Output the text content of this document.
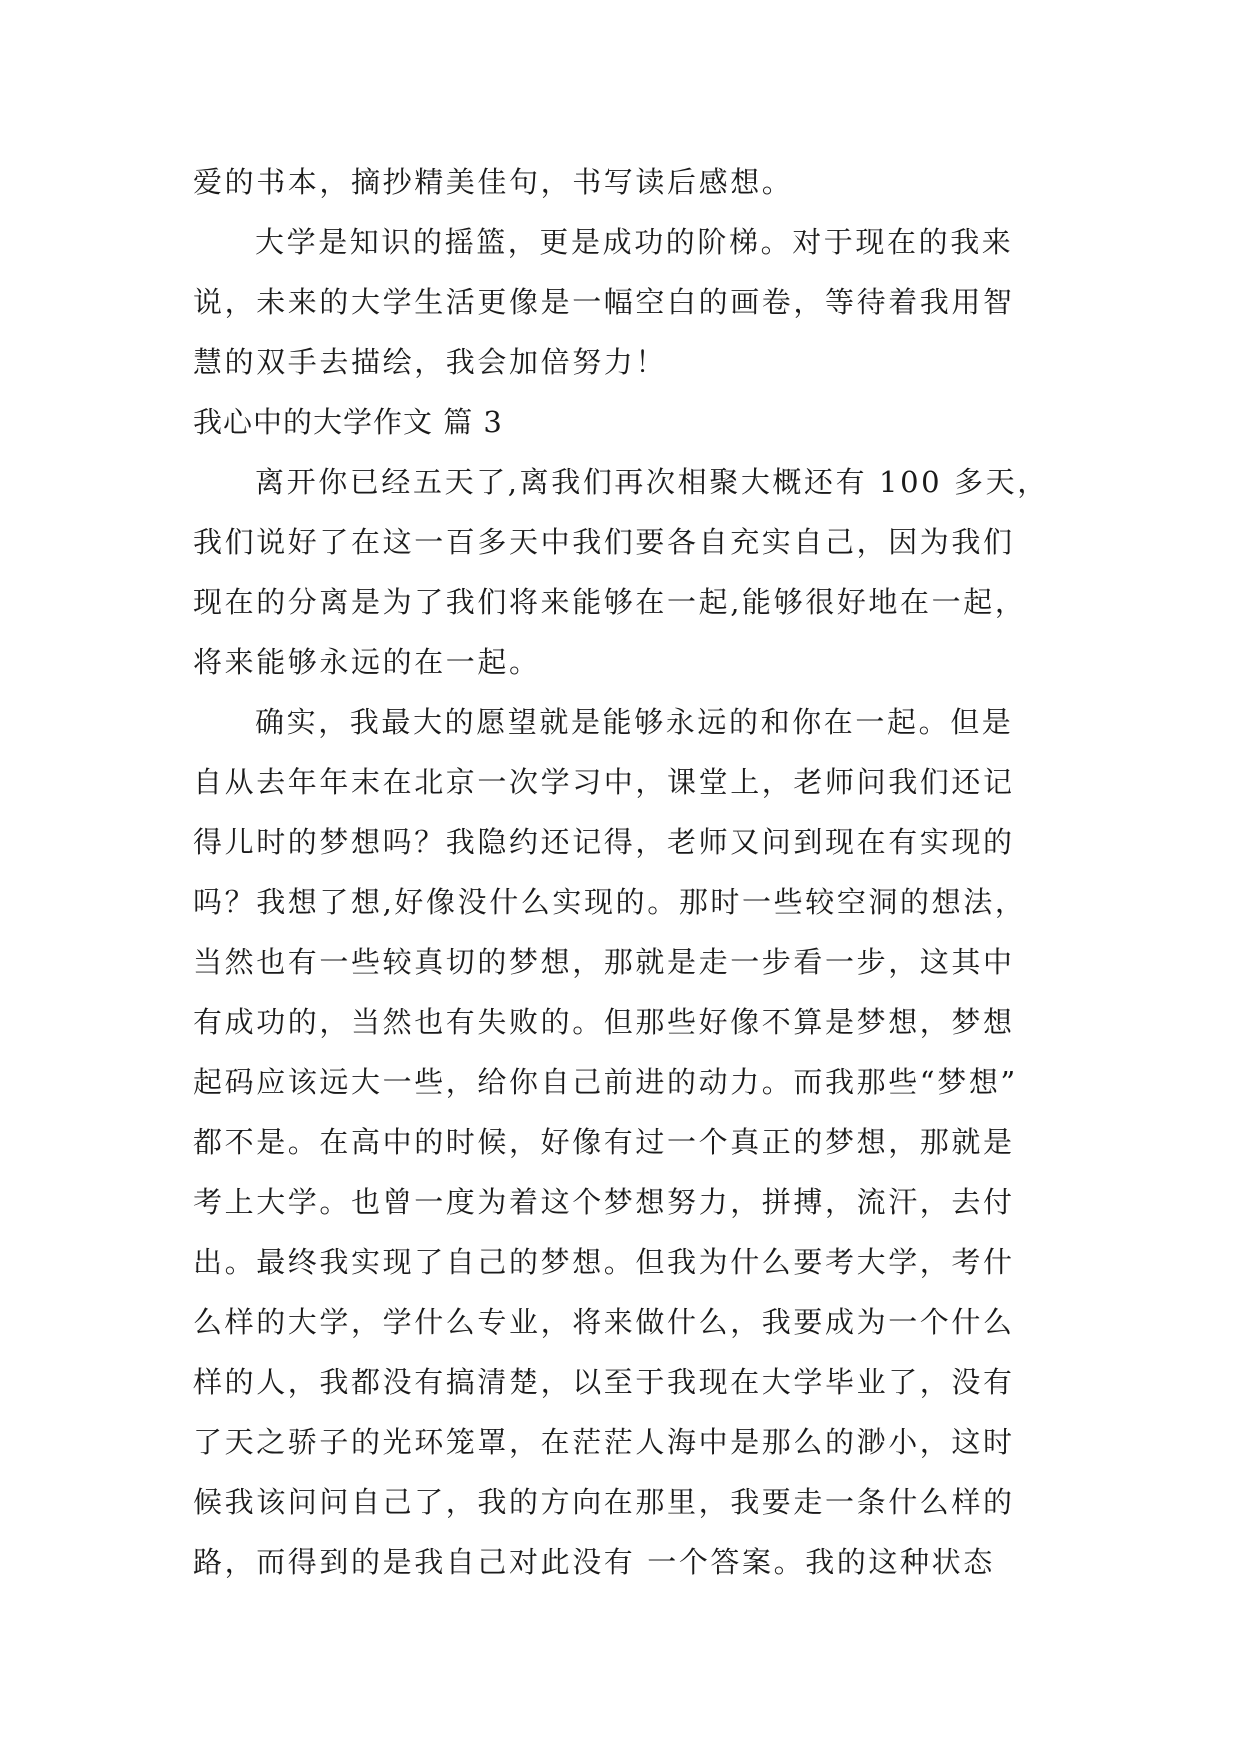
爱的书本，摘抄精美佳句，书写读后感想。
大学是知识的摇篮，更是成功的阶梯。对于现在的我来
说，未来的大学生活更像是一幅空白的画卷，等待着我用智
慧的双手去描绘，我会加倍努力！
我心中的大学作文 篇 3
离开你已经五天了,离我们再次相聚大概还有 100 多天，
我们说好了在这一百多天中我们要各自充实自己，因为我们
现在的分离是为了我们将来能够在一起,能够很好地在一起，
将来能够永远的在一起。
确实，我最大的愿望就是能够永远的和你在一起。但是
自从去年年末在北京一次学习中，课堂上，老师问我们还记
得儿时的梦想吗？我隐约还记得，老师又问到现在有实现的
吗？我想了想,好像没什么实现的。那时一些较空洞的想法，
当然也有一些较真切的梦想，那就是走一步看一步，这其中
有成功的，当然也有失败的。但那些好像不算是梦想，梦想
起码应该远大一些，给你自己前进的动力。而我那些“梦想”
都不是。在高中的时候，好像有过一个真正的梦想，那就是
考上大学。也曾一度为着这个梦想努力，拼搏，流汗，去付
出。最终我实现了自己的梦想。但我为什么要考大学，考什
么样的大学，学什么专业，将来做什么，我要成为一个什么
样的人，我都没有搞清楚，以至于我现在大学毕业了，没有
了天之骄子的光环笼罩，在茫茫人海中是那么的渺小，这时
候我该问问自己了，我的方向在那里，我要走一条什么样的
路，而得到的是我自己对此没有 一个答案。我的这种状态
